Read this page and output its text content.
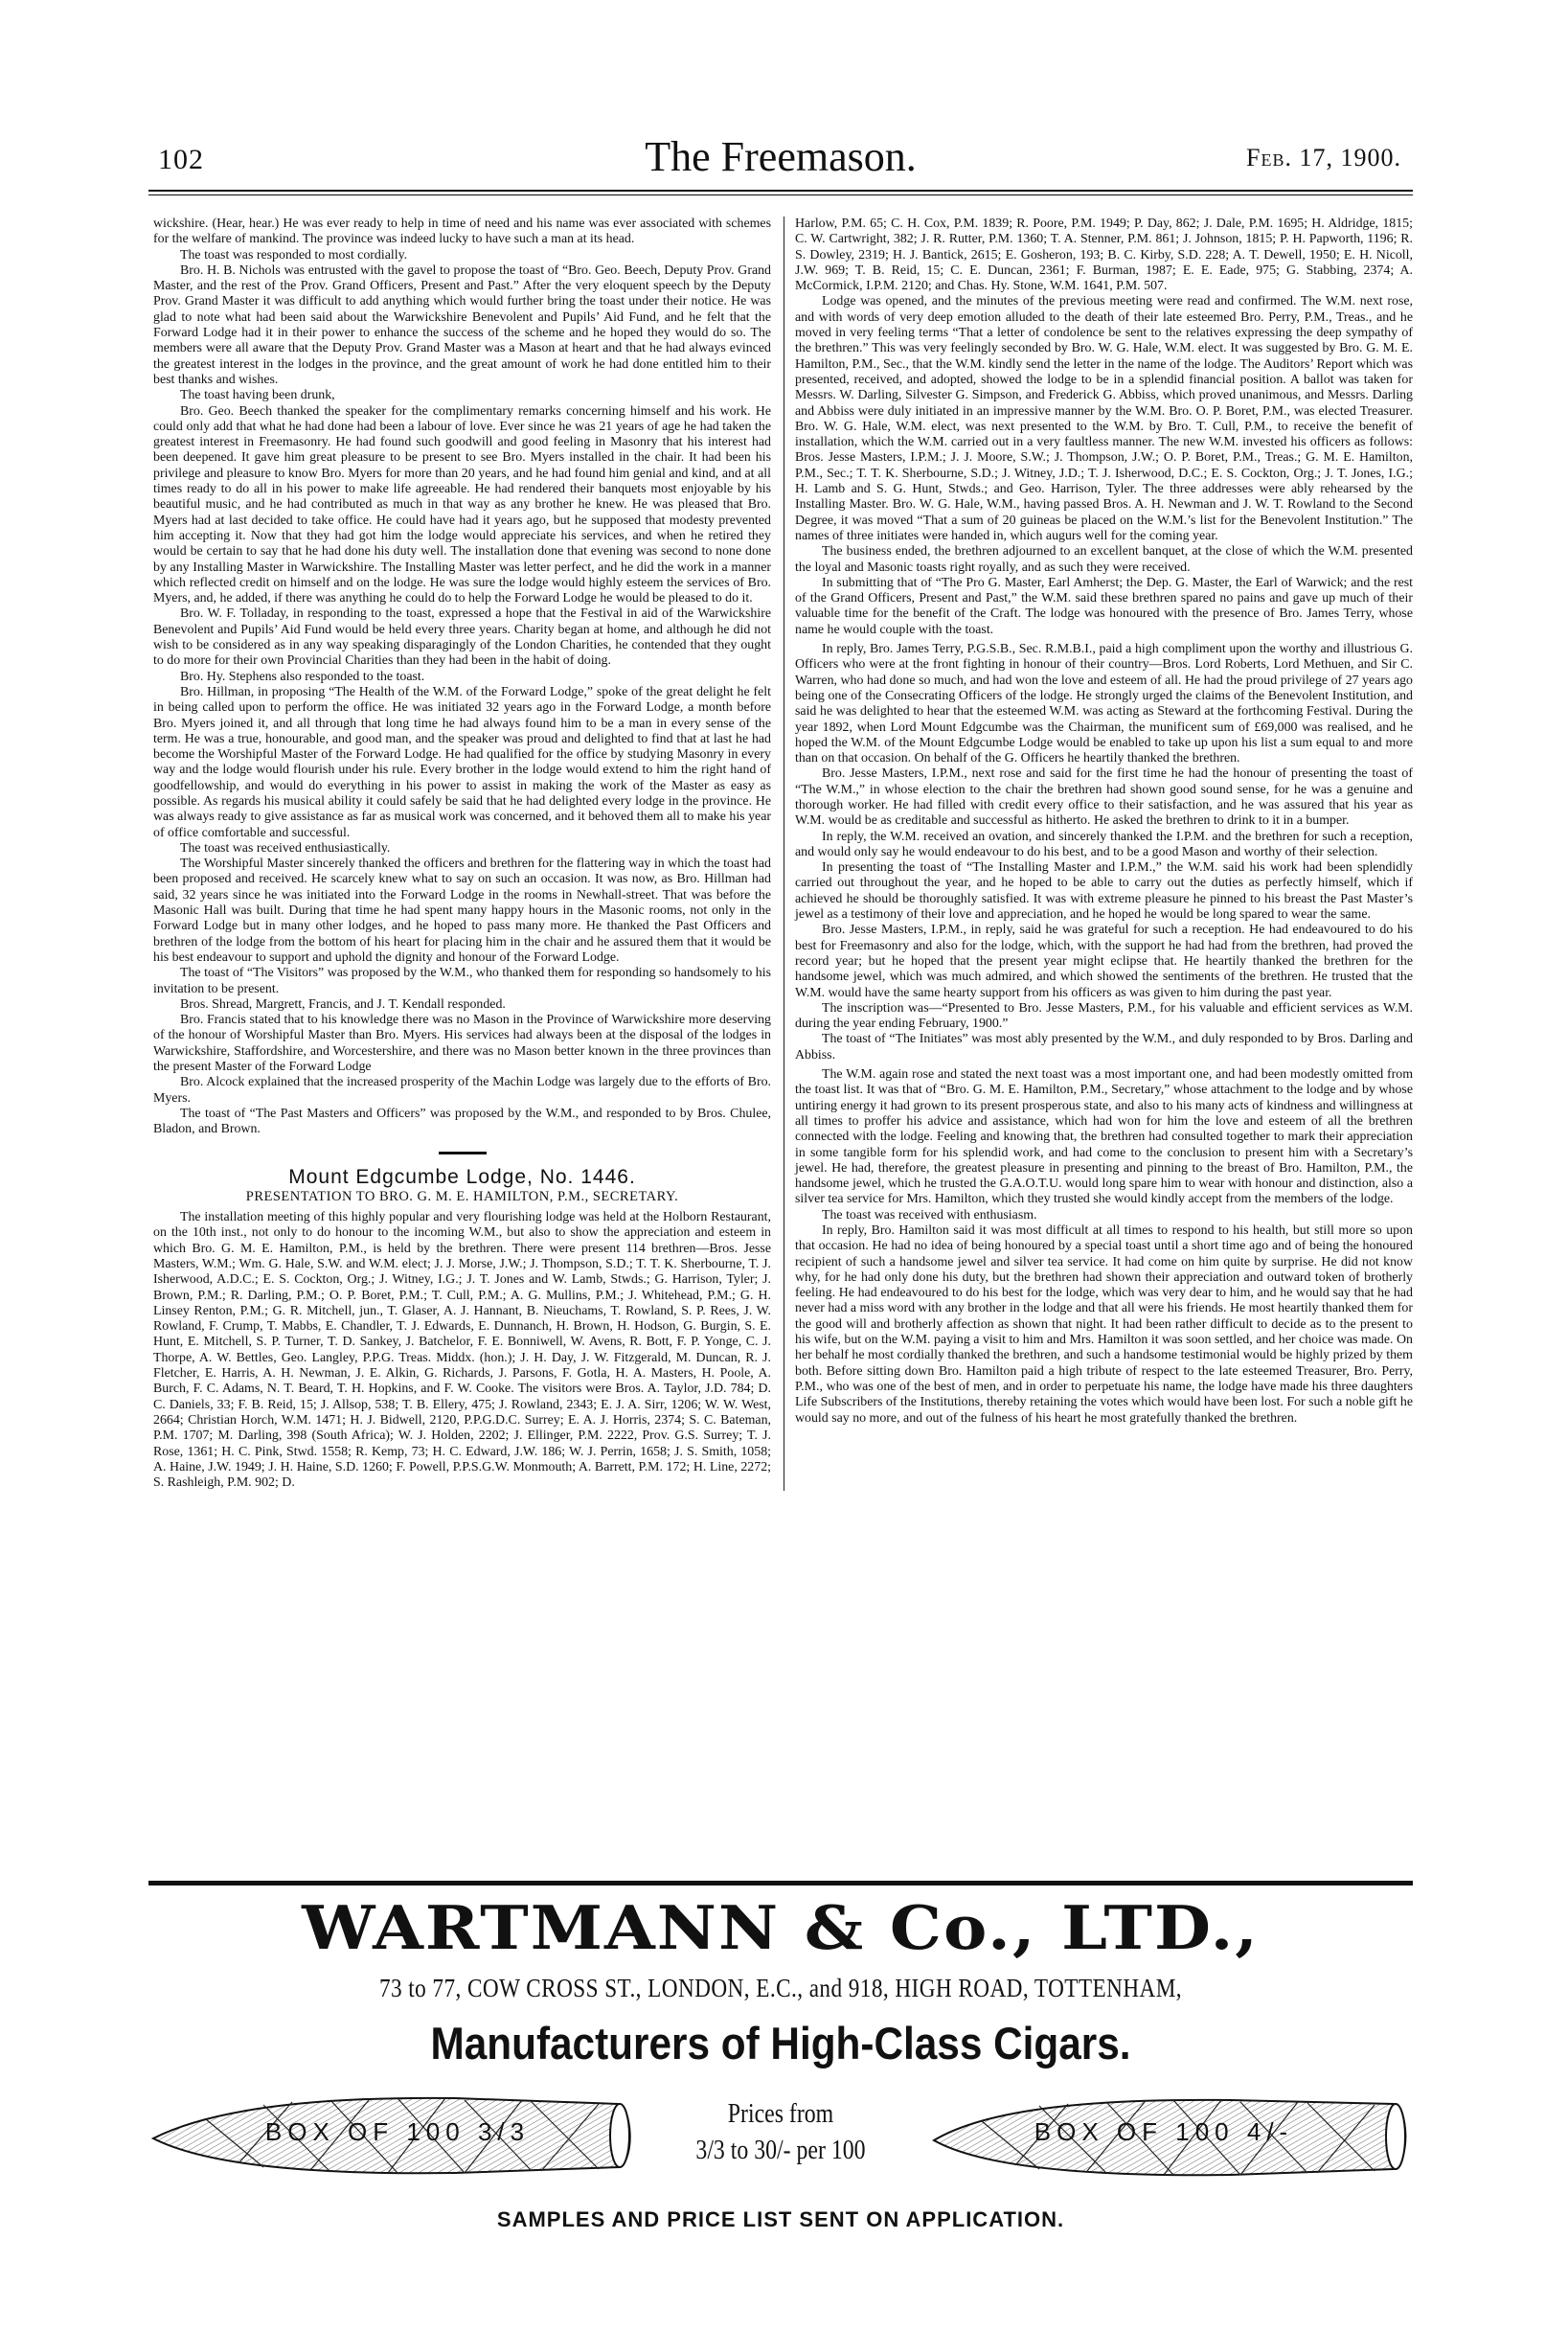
102	The Freemason.	Feb. 17, 1900.

wickshire. (Hear, hear.) He was ever ready to help in time of need and his name was ever associated with schemes for the welfare of mankind. The province was indeed lucky to have such a man at its head.

The toast was responded to most cordially.

Bro. H. B. Nichols was entrusted with the gavel to propose the toast of “Bro. Geo. Beech, Deputy Prov. Grand Master, and the rest of the Prov. Grand Officers, Present and Past.” After the very eloquent speech by the Deputy Prov. Grand Master it was difficult to add anything which would further bring the toast under their notice. He was glad to note what had been said about the Warwickshire Benevolent and Pupils’ Aid Fund, and he felt that the Forward Lodge had it in their power to enhance the success of the scheme and he hoped they would do so. The members were all aware that the Deputy Prov. Grand Master was a Mason at heart and that he had always evinced the greatest interest in the lodges in the province, and the great amount of work he had done entitled him to their best thanks and wishes.

The toast having been drunk,

Bro. Geo. Beech thanked the speaker for the complimentary remarks concerning himself and his work. He could only add that what he had done had been a labour of love. Ever since he was 21 years of age he had taken the greatest interest in Freemasonry. He had found such goodwill and good feeling in Masonry that his interest had been deepened. It gave him great pleasure to be present to see Bro. Myers installed in the chair. It had been his privilege and pleasure to know Bro. Myers for more than 20 years, and he had found him genial and kind, and at all times ready to do all in his power to make life agreeable. He had rendered their banquets most enjoyable by his beautiful music, and he had contributed as much in that way as any brother he knew. He was pleased that Bro. Myers had at last decided to take office. He could have had it years ago, but he supposed that modesty prevented him accepting it. Now that they had got him the lodge would appreciate his services, and when he retired they would be certain to say that he had done his duty well. The installation done that evening was second to none done by any Installing Master in Warwickshire. The Installing Master was letter perfect, and he did the work in a manner which reflected credit on himself and on the lodge. He was sure the lodge would highly esteem the services of Bro. Myers, and, he added, if there was anything he could do to help the Forward Lodge he would be pleased to do it.

Bro. W. F. Tolladay, in responding to the toast, expressed a hope that the Festival in aid of the Warwickshire Benevolent and Pupils’ Aid Fund would be held every three years. Charity began at home, and although he did not wish to be considered as in any way speaking disparagingly of the London Charities, he contended that they ought to do more for their own Provincial Charities than they had been in the habit of doing.

Bro. Hy. Stephens also responded to the toast.

Bro. Hillman, in proposing “The Health of the W.M. of the Forward Lodge,” spoke of the great delight he felt in being called upon to perform the office. He was initiated 32 years ago in the Forward Lodge, a month before Bro. Myers joined it, and all through that long time he had always found him to be a man in every sense of the term. He was a true, honourable, and good man, and the speaker was proud and delighted to find that at last he had become the Worshipful Master of the Forward Lodge. He had qualified for the office by studying Masonry in every way and the lodge would flourish under his rule. Every brother in the lodge would extend to him the right hand of goodfellowship, and would do everything in his power to assist in making the work of the Master as easy as possible. As regards his musical ability it could safely be said that he had delighted every lodge in the province. He was always ready to give assistance as far as musical work was concerned, and it behoved them all to make his year of office comfortable and successful.

The toast was received enthusiastically.

The Worshipful Master sincerely thanked the officers and brethren for the flattering way in which the toast had been proposed and received. He scarcely knew what to say on such an occasion. It was now, as Bro. Hillman had said, 32 years since he was initiated into the Forward Lodge in the rooms in Newhall-street. That was before the Masonic Hall was built. During that time he had spent many happy hours in the Masonic rooms, not only in the Forward Lodge but in many other lodges, and he hoped to pass many more. He thanked the Past Officers and brethren of the lodge from the bottom of his heart for placing him in the chair and he assured them that it would be his best endeavour to support and uphold the dignity and honour of the Forward Lodge.

The toast of “The Visitors” was proposed by the W.M., who thanked them for responding so handsomely to his invitation to be present.

Bros. Shread, Margrett, Francis, and J. T. Kendall responded.

Bro. Francis stated that to his knowledge there was no Mason in the Province of Warwickshire more deserving of the honour of Worshipful Master than Bro. Myers. His services had always been at the disposal of the lodges in Warwickshire, Staffordshire, and Worcestershire, and there was no Mason better known in the three provinces than the present Master of the Forward Lodge

Bro. Alcock explained that the increased prosperity of the Machin Lodge was largely due to the efforts of Bro. Myers.

The toast of “The Past Masters and Officers” was proposed by the W.M., and responded to by Bros. Chulee, Bladon, and Brown.

Mount Edgcumbe Lodge, No. 1446.
PRESENTATION TO BRO. G. M. E. HAMILTON, P.M., SECRETARY.

The installation meeting of this highly popular and very flourishing lodge was held at the Holborn Restaurant, on the 10th inst., not only to do honour to the incoming W.M., but also to show the appreciation and esteem in which Bro. G. M. E. Hamilton, P.M., is held by the brethren. There were present 114 brethren—Bros. Jesse Masters, W.M.; Wm. G. Hale, S.W. and W.M. elect; J. J. Morse, J.W.; J. Thompson, S.D.; T. T. K. Sherbourne, T. J. Isherwood, A.D.C.; E. S. Cockton, Org.; J. Witney, I.G.; J. T. Jones and W. Lamb, Stwds.; G. Harrison, Tyler; J. Brown, P.M.; R. Darling, P.M.; O. P. Boret, P.M.; T. Cull, P.M.; A. G. Mullins, P.M.; J. Whitehead, P.M.; G. H. Linsey Renton, P.M.; G. R. Mitchell, jun., T. Glaser, A. J. Hannant, B. Nieuchams, T. Rowland, S. P. Rees, J. W. Rowland, F. Crump, T. Mabbs, E. Chandler, T. J. Edwards, E. Dunnanch, H. Brown, H. Hodson, G. Burgin, S. E. Hunt, E. Mitchell, S. P. Turner, T. D. Sankey, J. Batchelor, F. E. Bonniwell, W. Avens, R. Bott, F. P. Yonge, C. J. Thorpe, A. W. Bettles, Geo. Langley, P.P.G. Treas. Middx. (hon.); J. H. Day, J. W. Fitzgerald, M. Duncan, R. J. Fletcher, E. Harris, A. H. Newman, J. E. Alkin, G. Richards, J. Parsons, F. Gotla, H. A. Masters, H. Poole, A. Burch, F. C. Adams, N. T. Beard, T. H. Hopkins, and F. W. Cooke. The visitors were Bros. A. Taylor, J.D. 784; D. C. Daniels, 33; F. B. Reid, 15; J. Allsop, 538; T. B. Ellery, 475; J. Rowland, 2343; E. J. A. Sirr, 1206; W. W. West, 2664; Christian Horch, W.M. 1471; H. J. Bidwell, 2120, P.P.G.D.C. Surrey; E. A. J. Horris, 2374; S. C. Bateman, P.M. 1707; M. Darling, 398 (South Africa); W. J. Holden, 2202; J. Ellinger, P.M. 2222, Prov. G.S. Surrey; T. J. Rose, 1361; H. C. Pink, Stwd. 1558; R. Kemp, 73; H. C. Edward, J.W. 186; W. J. Perrin, 1658; J. S. Smith, 1058; A. Haine, J.W. 1949; J. H. Haine, S.D. 1260; F. Powell, P.P.S.G.W. Monmouth; A. Barrett, P.M. 172; H. Line, 2272; S. Rashleigh, P.M. 902; D.

Harlow, P.M. 65; C. H. Cox, P.M. 1839; R. Poore, P.M. 1949; P. Day, 862; J. Dale, P.M. 1695; H. Aldridge, 1815; C. W. Cartwright, 382; J. R. Rutter, P.M. 1360; T. A. Stenner, P.M. 861; J. Johnson, 1815; P. H. Papworth, 1196; R. S. Dowley, 2319; H. J. Bantick, 2615; E. Gosheron, 193; B. C. Kirby, S.D. 228; A. T. Dewell, 1950; E. H. Nicoll, J.W. 969; T. B. Reid, 15; C. E. Duncan, 2361; F. Burman, 1987; E. E. Eade, 975; G. Stabbing, 2374; A. McCormick, I.P.M. 2120; and Chas. Hy. Stone, W.M. 1641, P.M. 507.

Lodge was opened, and the minutes of the previous meeting were read and confirmed. The W.M. next rose, and with words of very deep emotion alluded to the death of their late esteemed Bro. Perry, P.M., Treas., and he moved in very feeling terms “That a letter of condolence be sent to the relatives expressing the deep sympathy of the brethren.” This was very feelingly seconded by Bro. W. G. Hale, W.M. elect. It was suggested by Bro. G. M. E. Hamilton, P.M., Sec., that the W.M. kindly send the letter in the name of the lodge. The Auditors’ Report which was presented, received, and adopted, showed the lodge to be in a splendid financial position. A ballot was taken for Messrs. W. Darling, Silvester G. Simpson, and Frederick G. Abbiss, which proved unanimous, and Messrs. Darling and Abbiss were duly initiated in an impressive manner by the W.M. Bro. O. P. Boret, P.M., was elected Treasurer. Bro. W. G. Hale, W.M. elect, was next presented to the W.M. by Bro. T. Cull, P.M., to receive the benefit of installation, which the W.M. carried out in a very faultless manner. The new W.M. invested his officers as follows: Bros. Jesse Masters, I.P.M.; J. J. Moore, S.W.; J. Thompson, J.W.; O. P. Boret, P.M., Treas.; G. M. E. Hamilton, P.M., Sec.; T. T. K. Sherbourne, S.D.; J. Witney, J.D.; T. J. Isherwood, D.C.; E. S. Cockton, Org.; J. T. Jones, I.G.; H. Lamb and S. G. Hunt, Stwds.; and Geo. Harrison, Tyler. The three addresses were ably rehearsed by the Installing Master. Bro. W. G. Hale, W.M., having passed Bros. A. H. Newman and J. W. T. Rowland to the Second Degree, it was moved “That a sum of 20 guineas be placed on the W.M.’s list for the Benevolent Institution.” The names of three initiates were handed in, which augurs well for the coming year.

The business ended, the brethren adjourned to an excellent banquet, at the close of which the W.M. presented the loyal and Masonic toasts right royally, and as such they were received.

In submitting that of “The Pro G. Master, Earl Amherst; the Dep. G. Master, the Earl of Warwick; and the rest of the Grand Officers, Present and Past,” the W.M. said these brethren spared no pains and gave up much of their valuable time for the benefit of the Craft. The lodge was honoured with the presence of Bro. James Terry, whose name he would couple with the toast.

In reply, Bro. James Terry, P.G.S.B., Sec. R.M.B.I., paid a high compliment upon the worthy and illustrious G. Officers who were at the front fighting in honour of their country—Bros. Lord Roberts, Lord Methuen, and Sir C. Warren, who had done so much, and had won the love and esteem of all. He had the proud privilege of 27 years ago being one of the Consecrating Officers of the lodge. He strongly urged the claims of the Benevolent Institution, and said he was delighted to hear that the esteemed W.M. was acting as Steward at the forthcoming Festival. During the year 1892, when Lord Mount Edgcumbe was the Chairman, the munificent sum of £69,000 was realised, and he hoped the W.M. of the Mount Edgcumbe Lodge would be enabled to take up upon his list a sum equal to and more than on that occasion. On behalf of the G. Officers he heartily thanked the brethren.

Bro. Jesse Masters, I.P.M., next rose and said for the first time he had the honour of presenting the toast of “The W.M.,” in whose election to the chair the brethren had shown good sound sense, for he was a genuine and thorough worker. He had filled with credit every office to their satisfaction, and he was assured that his year as W.M. would be as creditable and successful as hitherto. He asked the brethren to drink to it in a bumper.

In reply, the W.M. received an ovation, and sincerely thanked the I.P.M. and the brethren for such a reception, and would only say he would endeavour to do his best, and to be a good Mason and worthy of their selection.

In presenting the toast of “The Installing Master and I.P.M.,” the W.M. said his work had been splendidly carried out throughout the year, and he hoped to be able to carry out the duties as perfectly himself, which if achieved he should be thoroughly satisfied. It was with extreme pleasure he pinned to his breast the Past Master’s jewel as a testimony of their love and appreciation, and he hoped he would be long spared to wear the same.

Bro. Jesse Masters, I.P.M., in reply, said he was grateful for such a reception. He had endeavoured to do his best for Freemasonry and also for the lodge, which, with the support he had had from the brethren, had proved the record year; but he hoped that the present year might eclipse that. He heartily thanked the brethren for the handsome jewel, which was much admired, and which showed the sentiments of the brethren. He trusted that the W.M. would have the same hearty support from his officers as was given to him during the past year.

The inscription was—“Presented to Bro. Jesse Masters, P.M., for his valuable and efficient services as W.M. during the year ending February, 1900.”

The toast of “The Initiates” was most ably presented by the W.M., and duly responded to by Bros. Darling and Abbiss.

The W.M. again rose and stated the next toast was a most important one, and had been modestly omitted from the toast list. It was that of “Bro. G. M. E. Hamilton, P.M., Secretary,” whose attachment to the lodge and by whose untiring energy it had grown to its present prosperous state, and also to his many acts of kindness and willingness at all times to proffer his advice and assistance, which had won for him the love and esteem of all the brethren connected with the lodge. Feeling and knowing that, the brethren had consulted together to mark their appreciation in some tangible form for his splendid work, and had come to the conclusion to present him with a Secretary’s jewel. He had, therefore, the greatest pleasure in presenting and pinning to the breast of Bro. Hamilton, P.M., the handsome jewel, which he trusted the G.A.O.T.U. would long spare him to wear with honour and distinction, also a silver tea service for Mrs. Hamilton, which they trusted she would kindly accept from the members of the lodge.

The toast was received with enthusiasm.

In reply, Bro. Hamilton said it was most difficult at all times to respond to his health, but still more so upon that occasion. He had no idea of being honoured by a special toast until a short time ago and of being the honoured recipient of such a handsome jewel and silver tea service. It had come on him quite by surprise. He did not know why, for he had only done his duty, but the brethren had shown their appreciation and outward token of brotherly feeling. He had endeavoured to do his best for the lodge, which was very dear to him, and he would say that he had never had a miss word with any brother in the lodge and that all were his friends. He most heartily thanked them for the good will and brotherly affection as shown that night. It had been rather difficult to decide as to the present to his wife, but on the W.M. paying a visit to him and Mrs. Hamilton it was soon settled, and her choice was made. On her behalf he most cordially thanked the brethren, and such a handsome testimonial would be highly prized by them both. Before sitting down Bro. Hamilton paid a high tribute of respect to the late esteemed Treasurer, Bro. Perry, P.M., who was one of the best of men, and in order to perpetuate his name, the lodge have made his three daughters Life Subscribers of the Institutions, thereby retaining the votes which would have been lost. For such a noble gift he would say no more, and out of the fulness of his heart he most gratefully thanked the brethren.

WARTMANN & Co., LTD.,
73 to 77, COW CROSS ST., LONDON, E.C., and 918, HIGH ROAD, TOTTENHAM,
Manufacturers of High-Class Cigars.
BOX OF 100 3/3
Prices from
3/3 to 30/- per 100
BOX OF 100 4/-
SAMPLES AND PRICE LIST SENT ON APPLICATION.
